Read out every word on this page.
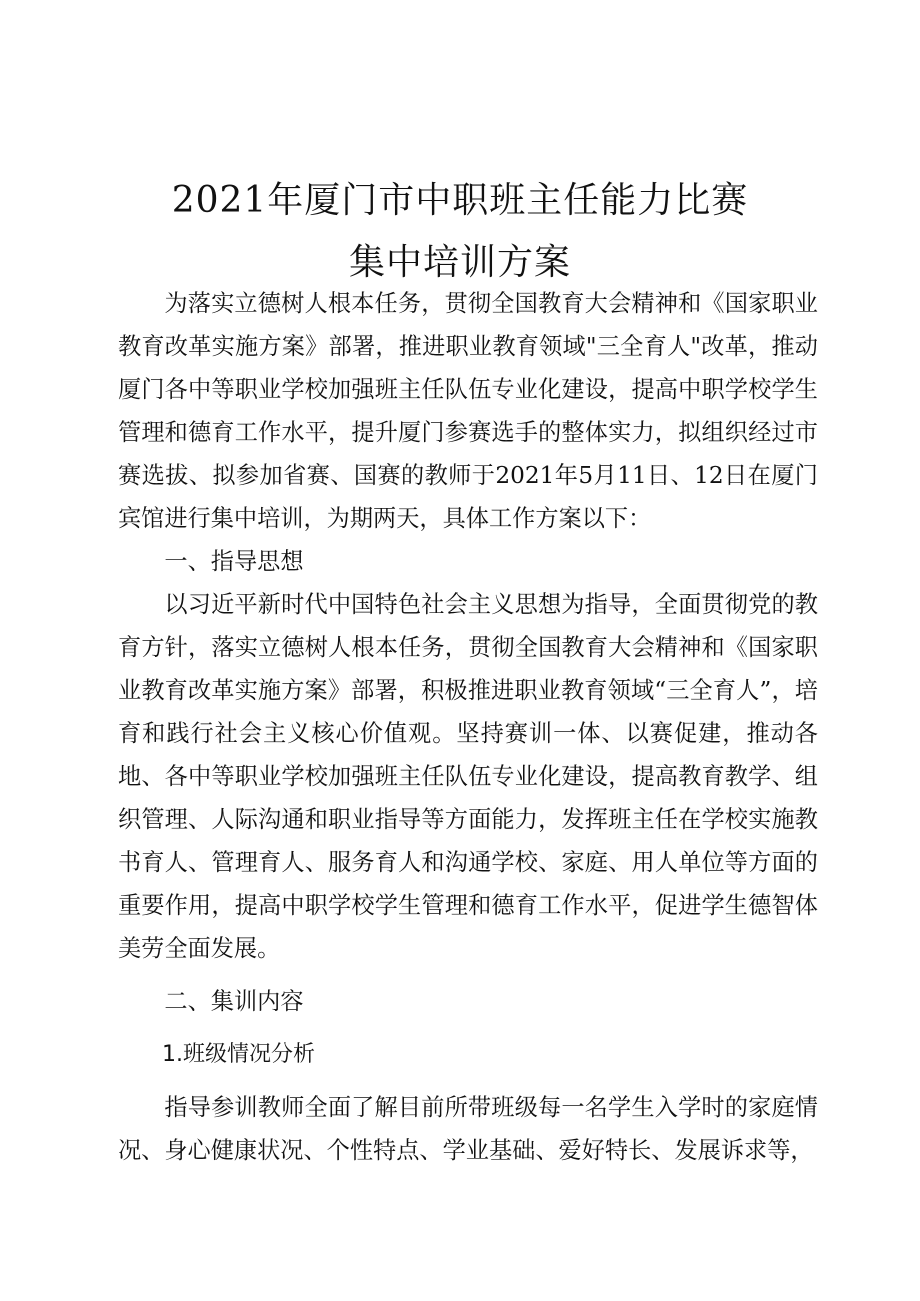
2021年厦门市中职班主任能力比赛
集中培训方案

为落实立德树人根本任务，贯彻全国教育大会精神和《国家职业教育改革实施方案》部署，推进职业教育领域"三全育人"改革，推动厦门各中等职业学校加强班主任队伍专业化建设，提高中职学校学生管理和德育工作水平，提升厦门参赛选手的整体实力，拟组织经过市赛选拔、拟参加省赛、国赛的教师于2021年5月11日、12日在厦门宾馆进行集中培训，为期两天，具体工作方案以下：

一、指导思想

以习近平新时代中国特色社会主义思想为指导，全面贯彻党的教育方针，落实立德树人根本任务，贯彻全国教育大会精神和《国家职业教育改革实施方案》部署，积极推进职业教育领域“三全育人”，培育和践行社会主义核心价值观。坚持赛训一体、以赛促建，推动各地、各中等职业学校加强班主任队伍专业化建设，提高教育教学、组织管理、人际沟通和职业指导等方面能力，发挥班主任在学校实施教书育人、管理育人、服务育人和沟通学校、家庭、用人单位等方面的重要作用，提高中职学校学生管理和德育工作水平，促进学生德智体美劳全面发展。

二、集训内容

1.班级情况分析

指导参训教师全面了解目前所带班级每一名学生入学时的家庭情况、身心健康状况、个性特点、学业基础、爱好特长、发展诉求等，
